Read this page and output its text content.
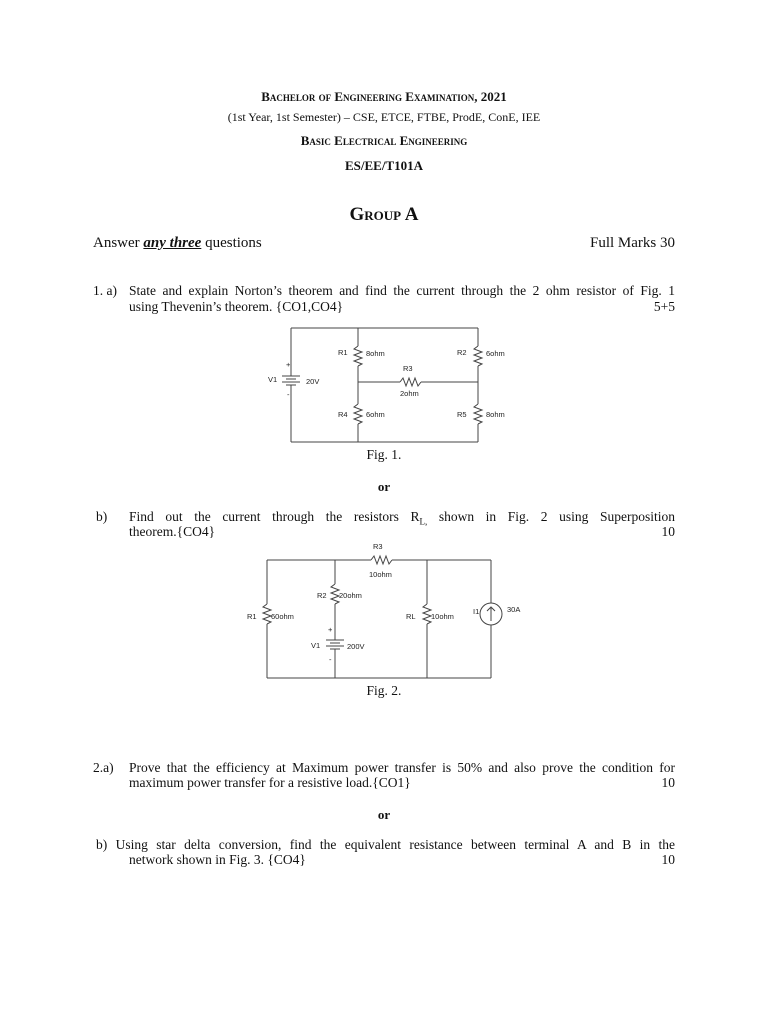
Bachelor of Engineering Examination, 2021
(1st Year, 1st Semester) – CSE, ETCE, FTBE, ProdE, ConE, IEE
Basic Electrical Engineering
ES/EE/T101A
Group A
Answer any three questions	Full Marks 30
1. a) State and explain Norton’s theorem and find the current through the 2 ohm resistor of Fig. 1
using Thevenin’s theorem. {CO1,CO4}	5+5
+
-
V1	20V
R1 8ohm	R2	6ohm
R3
2ohm
R4 6ohm	R5	8ohm
Fig. 1.
or
b) Find out the current through the resistors $R_{L,}$ shown in Fig. 2 using Superposition
theorem.{CO4}	10
R3
10ohm
R2 20ohm
R1 60ohm	RL 10ohm
I1	30A
+
-
V1	200V
Fig. 2.
2.a) Prove that the efficiency at Maximum power transfer is 50% and also prove the condition for
maximum power transfer for a resistive load.{CO1}	10
or
b) Using star delta conversion, find the equivalent resistance between terminal A and B in the
network shown in Fig. 3. {CO4}	10
